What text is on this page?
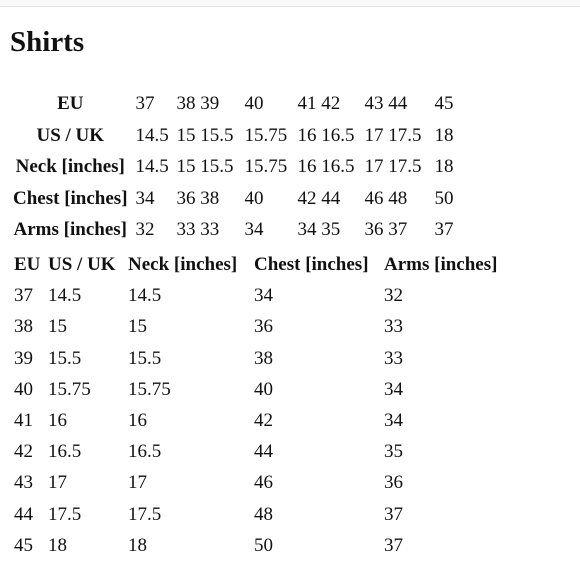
Shirts
EU	37	38 39	40	41 42	43 44	45
US / UK	14.5	15 15.5	15.75	16 16.5	17 17.5	18
Neck [inches]	14.5	15 15.5	15.75	16 16.5	17 17.5	18
Chest [inches]	34	36 38	40	42 44	46 48	50
Arms [inches]	32	33 33	34	34 35	36 37	37
EU	US / UK	Neck [inches]	Chest [inches]	Arms [inches]
37	14.5	14.5	34	32
38	15	15	36	33
39	15.5	15.5	38	33
40	15.75	15.75	40	34
41	16	16	42	34
42	16.5	16.5	44	35
43	17	17	46	36
44	17.5	17.5	48	37
45	18	18	50	37
